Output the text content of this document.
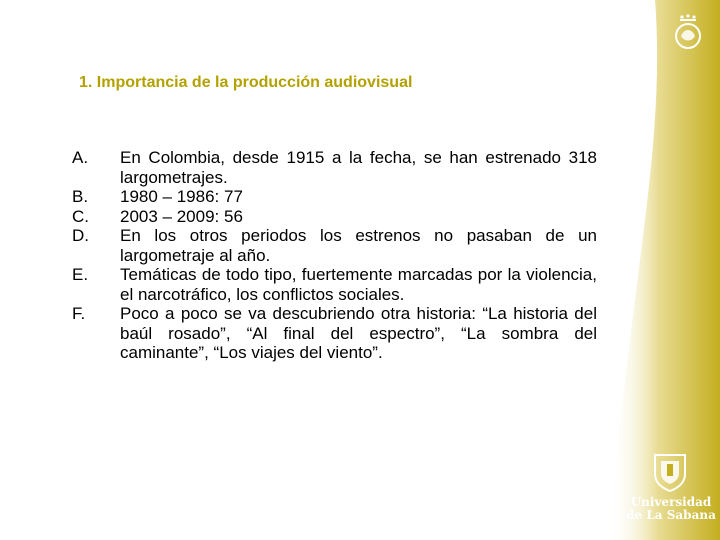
1. Importancia de la producción audiovisual
A.	En Colombia, desde 1915 a la fecha, se han estrenado 318 largometrajes.
B.	1980 – 1986: 77
C.	2003 – 2009: 56
D.	En los otros periodos los estrenos no pasaban de un largometraje al año.
E.	Temáticas de todo tipo, fuertemente marcadas por la violencia, el narcotráfico, los conflictos sociales.
F.	Poco a poco se va descubriendo otra historia: “La historia del baúl rosado”, “Al final del espectro”, “La sombra del caminante”, “Los viajes del viento”.
Universidad
de La Sabana
